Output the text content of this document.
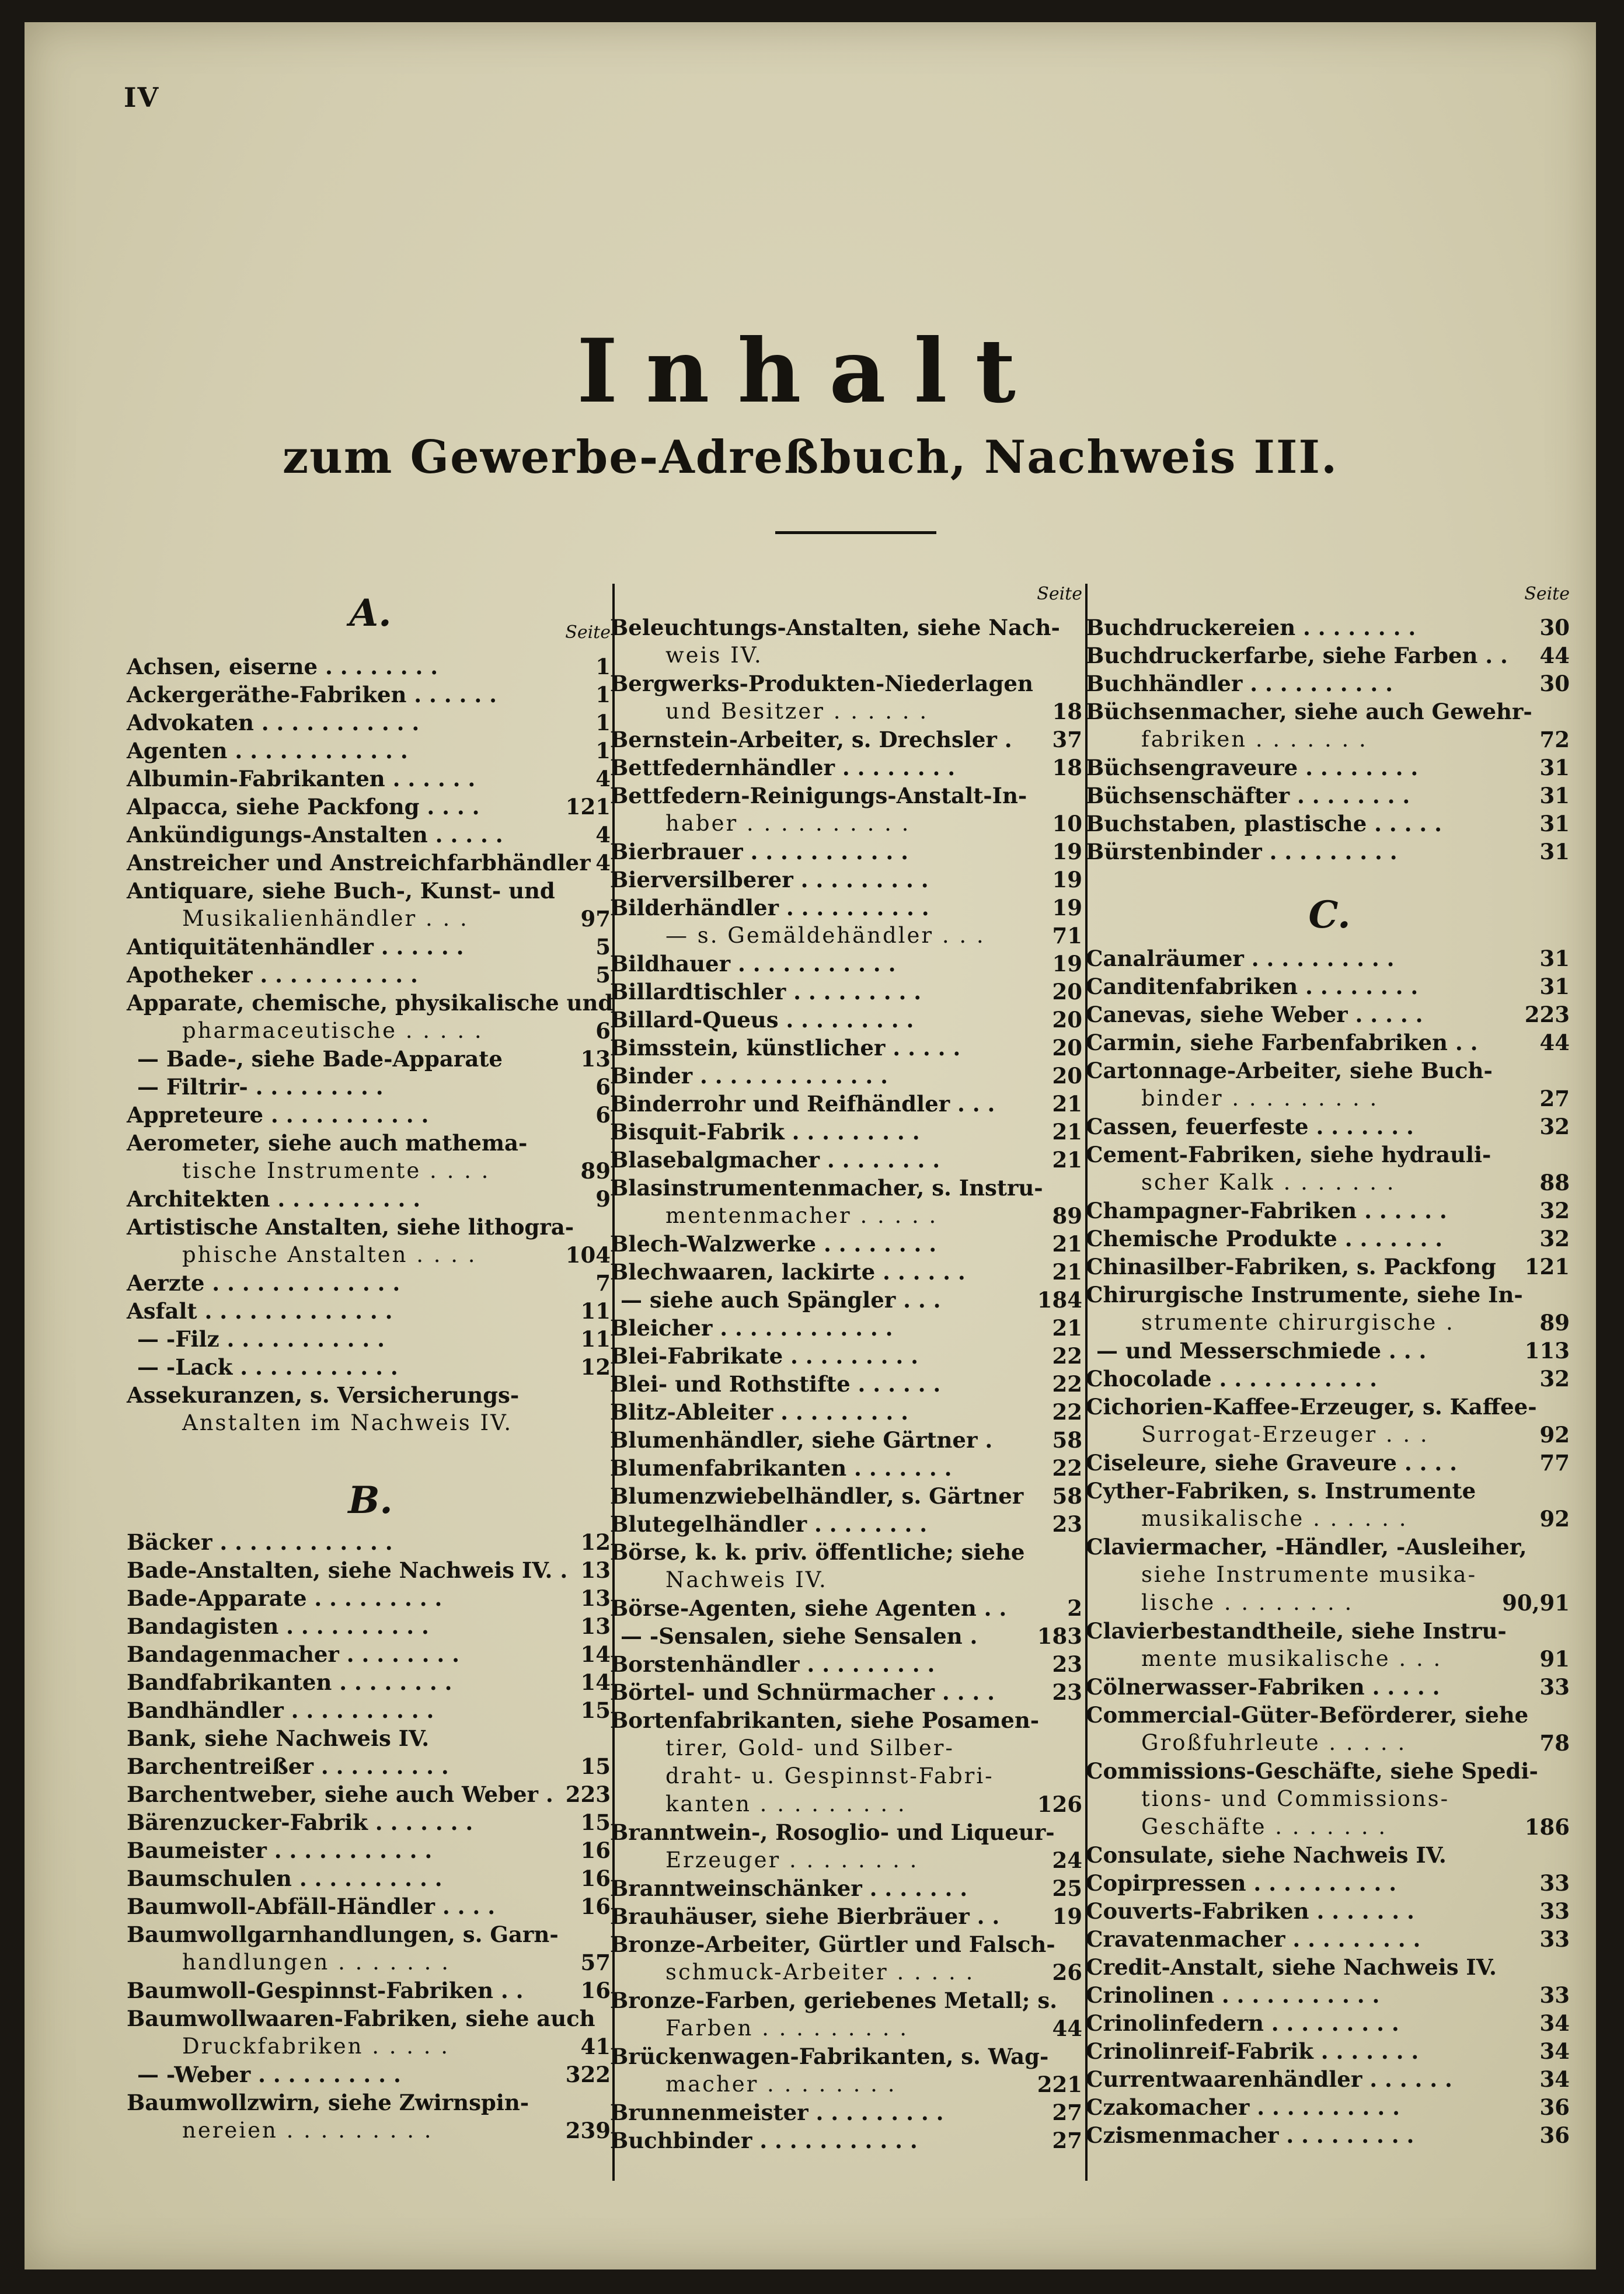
IV
Inhalt
zum Gewerbe-Adreßbuch, Nachweis III.
Seite
A.
Achsen, eiserne . . . . . . . .	1
Ackergeräthe-Fabriken . . . . . .	1
Advokaten . . . . . . . . . . .	1
Agenten . . . . . . . . . . . .	1
Albumin-Fabrikanten . . . . . .	4
Alpacca, siehe Packfong . . . .	121
Ankündigungs-Anstalten . . . . .	4
Anstreicher und Anstreichfarbhändler 4
Antiquare, siehe Buch-, Kunst- und
Musikalienhändler . . .	97
Antiquitätenhändler . . . . . .	5
Apotheker . . . . . . . . . . .	5
Apparate, chemische, physikalische und
pharmaceutische . . . . .	6
— Bade-, siehe Bade-Apparate	13
— Filtrir- . . . . . . . . .	6
Appreteure . . . . . . . . . . .	6
Aerometer, siehe auch mathema-
tische Instrumente . . . .	89
Architekten . . . . . . . . . .	9
Artistische Anstalten, siehe lithogra-
phische Anstalten . . . .	104
Aerzte . . . . . . . . . . . . .	7
Asfalt . . . . . . . . . . . . .	11
— -Filz . . . . . . . . . . .	11
— -Lack . . . . . . . . . . .	12
Assekuranzen, s. Versicherungs-
Anstalten im Nachweis IV.
B.
Bäcker . . . . . . . . . . . .	12
Bade-Anstalten, siehe Nachweis IV. . 13
Bade-Apparate . . . . . . . . .	13
Bandagisten . . . . . . . . . .	13
Bandagenmacher . . . . . . . .	14
Bandfabrikanten . . . . . . . .	14
Bandhändler . . . . . . . . . .	15
Bank, siehe Nachweis IV.
Barchentreißer . . . . . . . . .	15
Barchentweber, siehe auch Weber . 223
Bärenzucker-Fabrik . . . . . . .	15
Baumeister . . . . . . . . . . .	16
Baumschulen . . . . . . . . . .	16
Baumwoll-Abfäll-Händler . . . .	16
Baumwollgarnhandlungen, s. Garn-
handlungen . . . . . . .	57
Baumwoll-Gespinnst-Fabriken . .	16
Baumwollwaaren-Fabriken, siehe auch
Druckfabriken . . . . .	41
— -Weber . . . . . . . . . .	322
Baumwollzwirn, siehe Zwirnspin-
nereien . . . . . . . . .	239
Seite
Beleuchtungs-Anstalten, siehe Nach-
weis IV.
Bergwerks-Produkten-Niederlagen
und Besitzer . . . . . .	18
Bernstein-Arbeiter, s. Drechsler . 37
Bettfedernhändler . . . . . . . .	18
Bettfedern-Reinigungs-Anstalt-In-
haber . . . . . . . . . .	10
Bierbrauer . . . . . . . . . . .	19
Bierversilberer . . . . . . . . .	19
Bilderhändler . . . . . . . . . .	19
— s. Gemäldehändler . . .	71
Bildhauer . . . . . . . . . . .	19
Billardtischler . . . . . . . . .	20
Billard-Queus . . . . . . . . .	20
Bimsstein, künstlicher . . . . .	20
Binder . . . . . . . . . . . . .	20
Binderrohr und Reifhändler . . .	21
Bisquit-Fabrik . . . . . . . . .	21
Blasebalgmacher . . . . . . . .	21
Blasinstrumentenmacher, s. Instru-
mentenmacher . . . . .	89
Blech-Walzwerke . . . . . . . .	21
Blechwaaren, lackirte . . . . . .	21
— siehe auch Spängler . . .	184
Bleicher . . . . . . . . . . . .	21
Blei-Fabrikate . . . . . . . . .	22
Blei- und Rothstifte . . . . . .	22
Blitz-Ableiter . . . . . . . . .	22
Blumenhändler, siehe Gärtner .	58
Blumenfabrikanten . . . . . . .	22
Blumenzwiebelhändler, s. Gärtner 58
Blutegelhändler . . . . . . . .	23
Börse, k. k. priv. öffentliche; siehe
Nachweis IV.
Börse-Agenten, siehe Agenten . .	2
— -Sensalen, siehe Sensalen .	183
Borstenhändler . . . . . . . . .	23
Börtel- und Schnürmacher . . . .	23
Bortenfabrikanten, siehe Posamen-
tirer, Gold- und Silber-
draht- u. Gespinnst-Fabri-
kanten . . . . . . . . .	126
Branntwein-, Rosoglio- und Liqueur-
Erzeuger . . . . . . . .	24
Branntweinschänker . . . . . . .	25
Brauhäuser, siehe Bierbräuer . . 19
Bronze-Arbeiter, Gürtler und Falsch-
schmuck-Arbeiter . . . . .	26
Bronze-Farben, geriebenes Metall; s.
Farben . . . . . . . . .	44
Brückenwagen-Fabrikanten, s. Wag-
macher . . . . . . . .	221
Brunnenmeister . . . . . . . . .	27
Buchbinder . . . . . . . . . . .	27
Seite
Buchdruckereien . . . . . . . .	30
Buchdruckerfarbe, siehe Farben . . 44
Buchhändler . . . . . . . . . .	30
Büchsenmacher, siehe auch Gewehr-
fabriken . . . . . . .	72
Büchsengraveure . . . . . . . .	31
Büchsenschäfter . . . . . . . .	31
Buchstaben, plastische . . . . .	31
Bürstenbinder . . . . . . . . .	31
C.
Canalräumer . . . . . . . . . .	31
Canditenfabriken . . . . . . . .	31
Canevas, siehe Weber . . . . .	223
Carmin, siehe Farbenfabriken . .	44
Cartonnage-Arbeiter, siehe Buch-
binder . . . . . . . . .	27
Cassen, feuerfeste . . . . . . .	32
Cement-Fabriken, siehe hydrauli-
scher Kalk . . . . . . .	88
Champagner-Fabriken . . . . . .	32
Chemische Produkte . . . . . . .	32
Chinasilber-Fabriken, s. Packfong 121
Chirurgische Instrumente, siehe In-
strumente chirurgische .	89
— und Messerschmiede . . .	113
Chocolade . . . . . . . . . . .	32
Cichorien-Kaffee-Erzeuger, s. Kaffee-
Surrogat-Erzeuger . . .	92
Ciseleure, siehe Graveure . . . .	77
Cyther-Fabriken, s. Instrumente
musikalische . . . . . .	92
Claviermacher, -Händler, -Ausleiher,
siehe Instrumente musika-
lische . . . . . . . .	90,91
Clavierbestandtheile, siehe Instru-
mente musikalische . . .	91
Cölnerwasser-Fabriken . . . . .	33
Commercial-Güter-Beförderer, siehe
Großfuhrleute . . . . .	78
Commissions-Geschäfte, siehe Spedi-
tions- und Commissions-
Geschäfte . . . . . . .	186
Consulate, siehe Nachweis IV.
Copirpressen . . . . . . . . . .	33
Couverts-Fabriken . . . . . . .	33
Cravatenmacher . . . . . . . . .	33
Credit-Anstalt, siehe Nachweis IV.
Crinolinen . . . . . . . . . . .	33
Crinolinfedern . . . . . . . . .	34
Crinolinreif-Fabrik . . . . . . .	34
Currentwaarenhändler . . . . . .	34
Czakomacher . . . . . . . . . .	36
Czismenmacher . . . . . . . . .	36
